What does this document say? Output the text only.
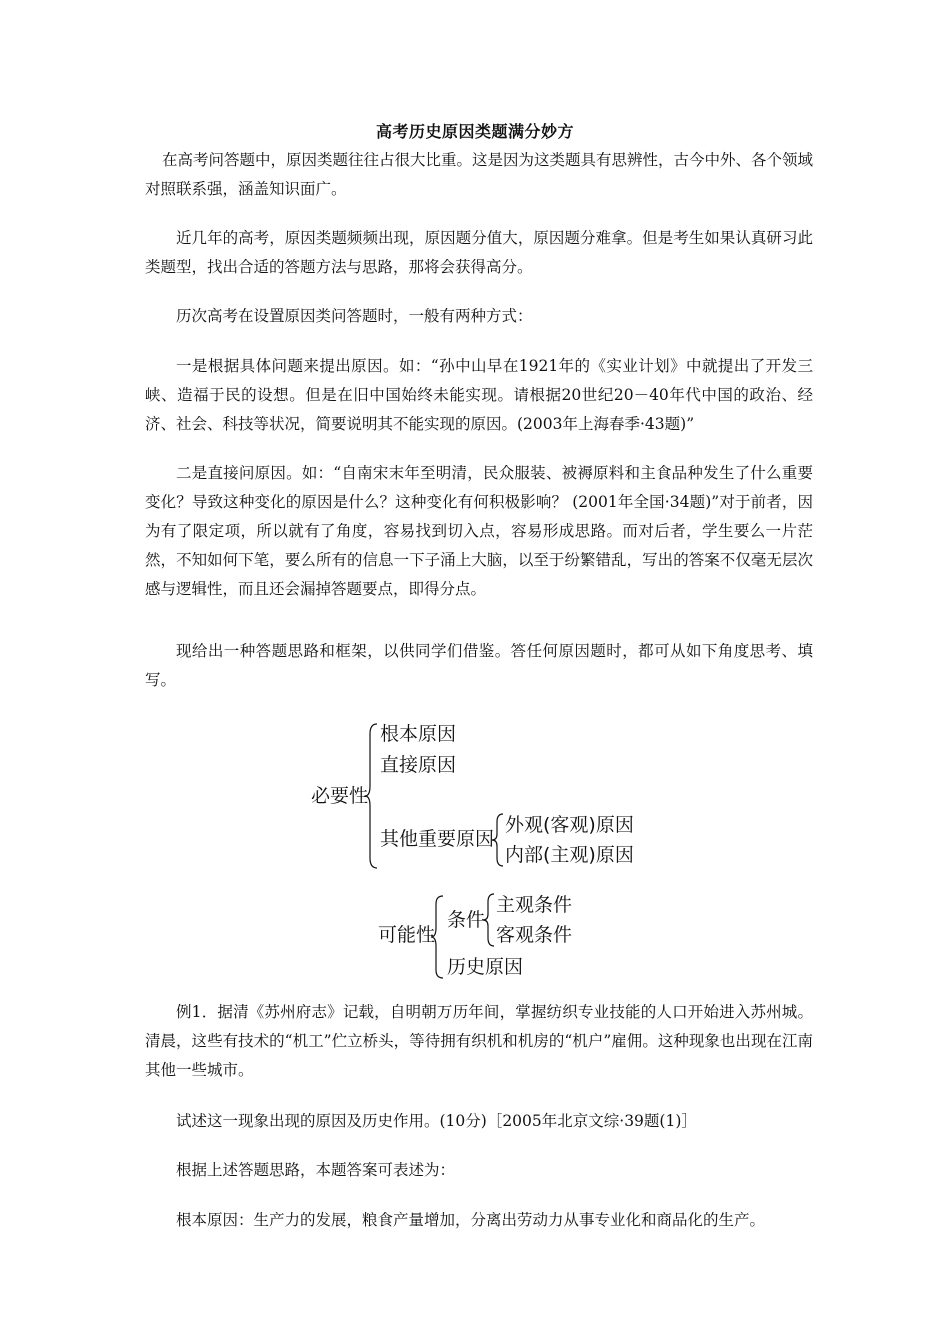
高考历史原因类题满分妙方

在高考问答题中，原因类题往往占很大比重。这是因为这类题具有思辨性，古今中外、各个领域对照联系强，涵盖知识面广。

近几年的高考，原因类题频频出现，原因题分值大，原因题分难拿。但是考生如果认真研习此类题型，找出合适的答题方法与思路，那将会获得高分。

历次高考在设置原因类问答题时，一般有两种方式：

一是根据具体问题来提出原因。如：“孙中山早在1921年的《实业计划》中就提出了开发三峡、造福于民的设想。但是在旧中国始终未能实现。请根据20世纪20－40年代中国的政治、经济、社会、科技等状况，简要说明其不能实现的原因。(2003年上海春季·43题)”

二是直接问原因。如：“自南宋末年至明清，民众服装、被褥原料和主食品种发生了什么重要变化？导致这种变化的原因是什么？这种变化有何积极影响？ (2001年全国·34题)”对于前者，因为有了限定项，所以就有了角度，容易找到切入点，容易形成思路。而对后者，学生要么一片茫然，不知如何下笔，要么所有的信息一下子涌上大脑，以至于纷繁错乱，写出的答案不仅毫无层次感与逻辑性，而且还会漏掉答题要点，即得分点。

现给出一种答题思路和框架，以供同学们借鉴。答任何原因题时，都可从如下角度思考、填写。

必要性
根本原因
直接原因
其他重要原因
外观(客观)原因
内部(主观)原因
可能性
条件
历史原因
主观条件
客观条件

例1．据清《苏州府志》记载，自明朝万历年间，掌握纺织专业技能的人口开始进入苏州城。清晨，这些有技术的“机工”伫立桥头，等待拥有织机和机房的“机户”雇佣。这种现象也出现在江南其他一些城市。

试述这一现象出现的原因及历史作用。(10分)［2005年北京文综·39题(1)］

根据上述答题思路，本题答案可表述为：

根本原因：生产力的发展，粮食产量增加，分离出劳动力从事专业化和商品化的生产。
